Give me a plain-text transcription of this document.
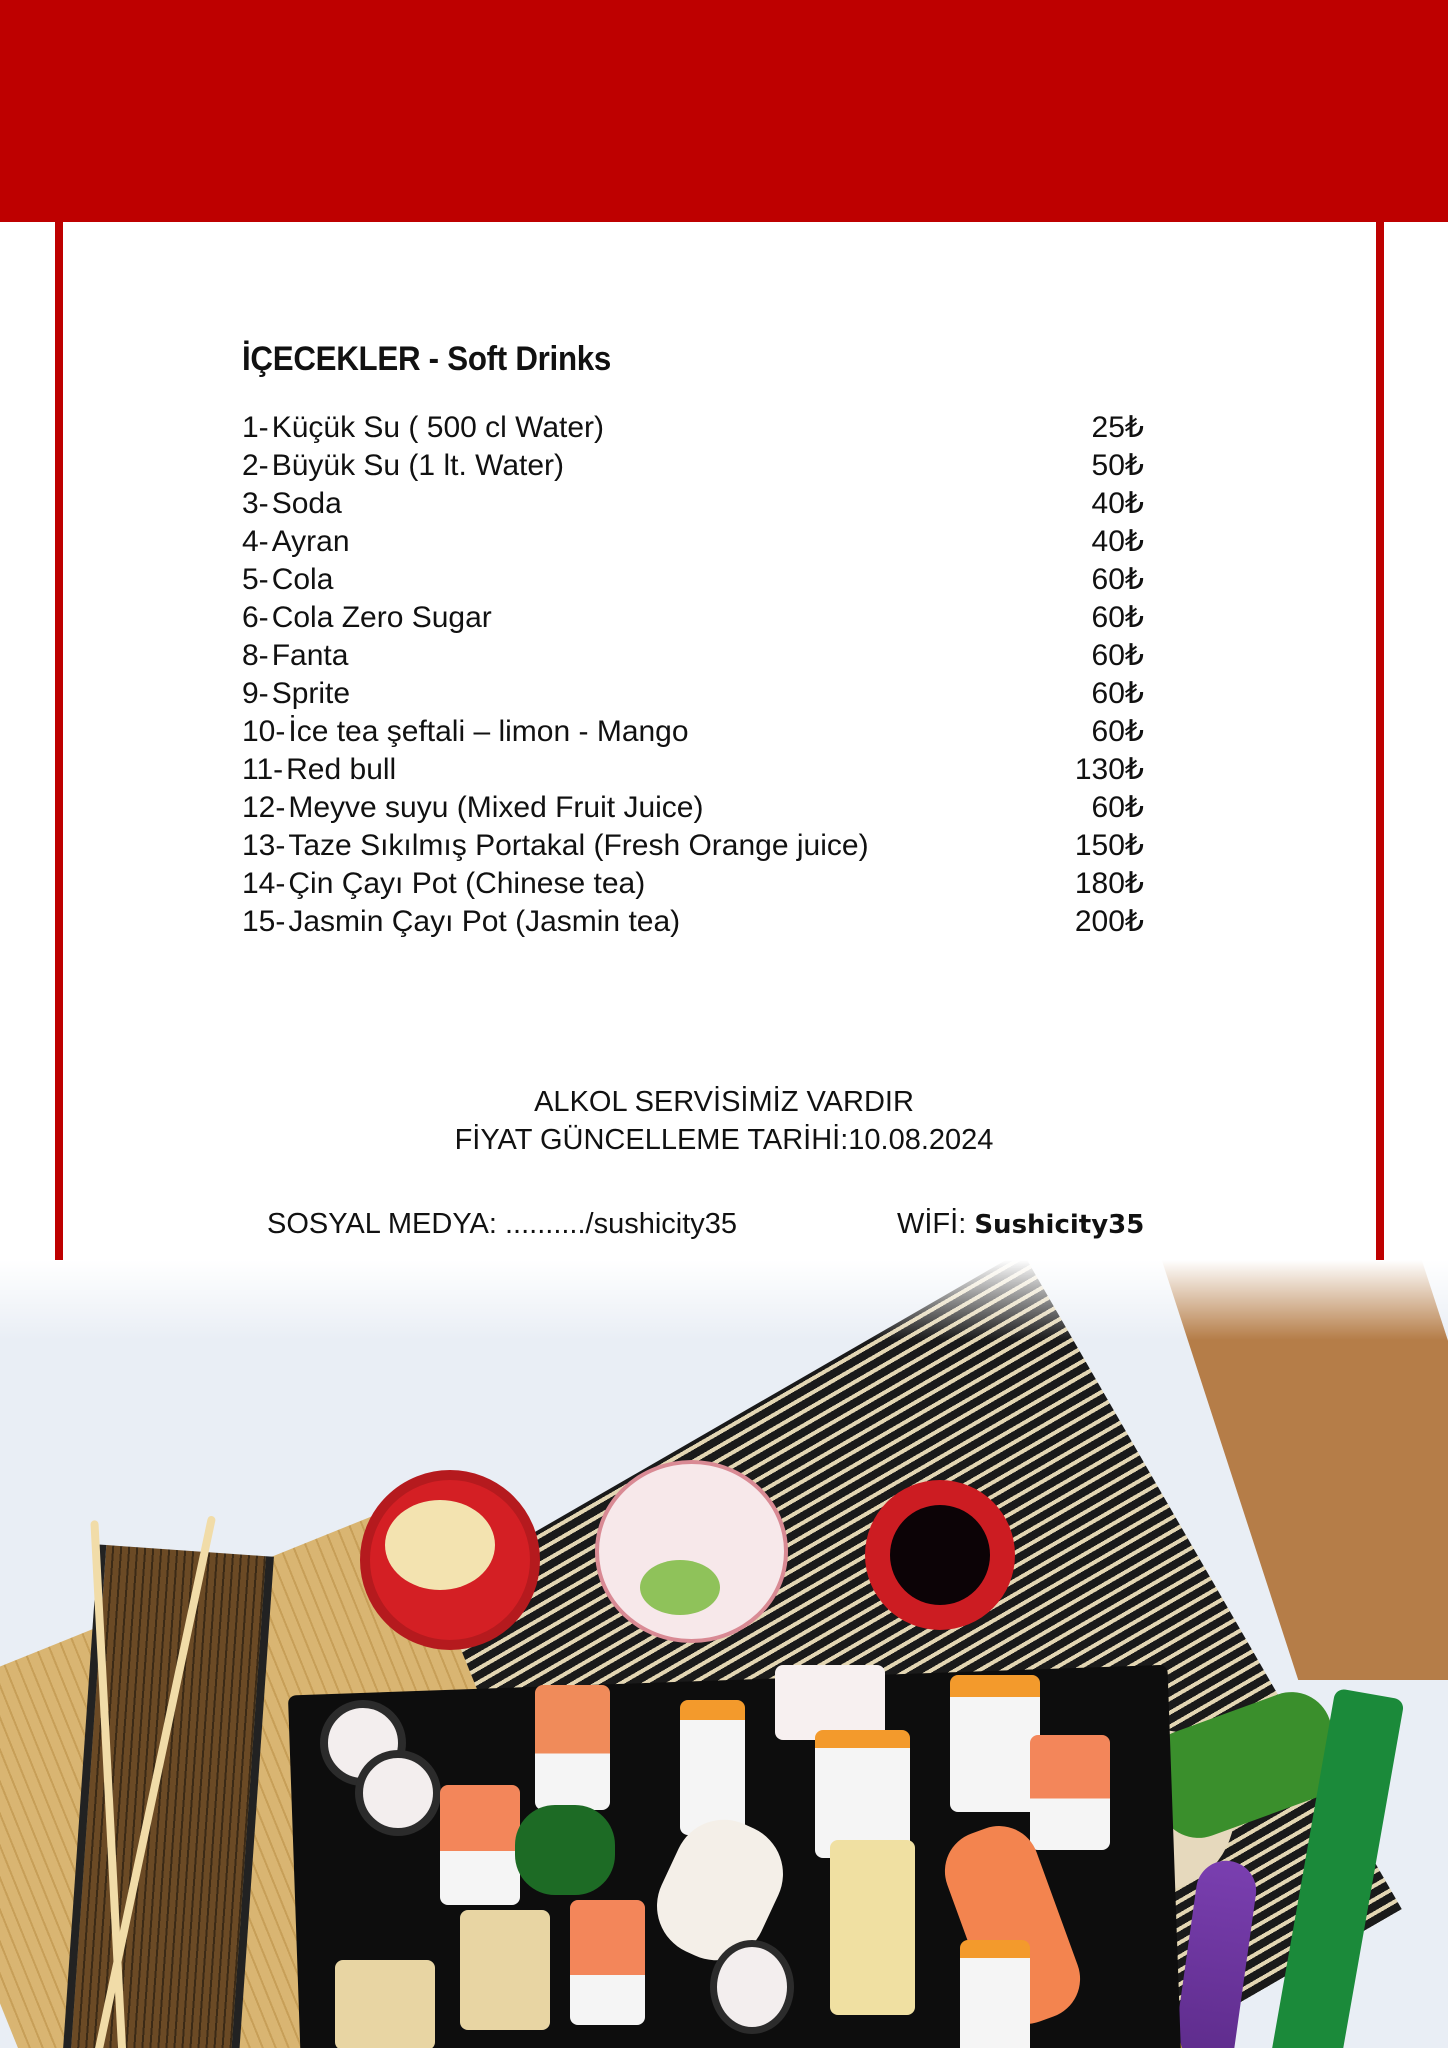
İÇECEKLER - Soft Drinks
1- Küçük Su ( 500 cl Water)	25₺
2- Büyük Su (1 lt. Water)	50₺
3- Soda	40₺
4- Ayran	40₺
5- Cola	60₺
6- Cola Zero Sugar	60₺
8- Fanta	60₺
9- Sprite	60₺
10- İce tea şeftali – limon - Mango	60₺
11- Red bull	130₺
12- Meyve suyu (Mixed Fruit Juice)	60₺
13- Taze Sıkılmış Portakal (Fresh Orange juice)	150₺
14- Çin Çayı Pot (Chinese tea)	180₺
15- Jasmin Çayı Pot (Jasmin tea)	200₺
ALKOL SERVİSİMİZ VARDIR
FİYAT GÜNCELLEME TARİHİ:10.08.2024
SOSYAL MEDYA: ........../sushicity35	WİFİ: Sushicity35
